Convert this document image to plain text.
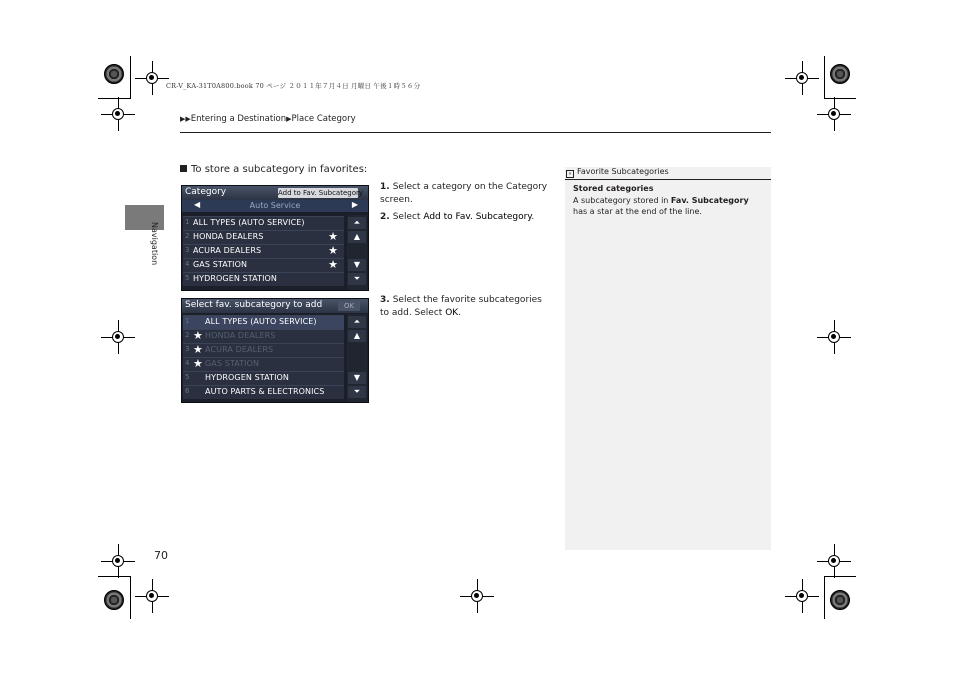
CR-V_KA-31T0A800.book 70 ページ ２０１１年７月４日 月曜日 午後１時５６分
▶▶Entering a Destination▶Place Category
Navigation
70
To store a subcategory in favorites:
1. Select a category on the Category screen.
2. Select Add to Fav. Subcategory.
3. Select the favorite subcategories to add. Select OK.
Category	Add to Fav. Subcategory
◀	Auto Service	▶
1 ALL TYPES (AUTO SERVICE)
2 HONDA DEALERS	★
3 ACURA DEALERS	★
4 GAS STATION	★
5 HYDROGEN STATION
⏶
▲
▼
⏷
Select fav. subcategory to add	OK
1 ALL TYPES (AUTO SERVICE)
2 HONDA DEALERS
★
3 ACURA DEALERS
★
4 GAS STATION
★
5 HYDROGEN STATION
6 AUTO PARTS & ELECTRONICS
⏶
▲
▼
⏷
» Favorite Subcategories
Stored categories
A subcategory stored in Fav. Subcategory has a star at the end of the line.
